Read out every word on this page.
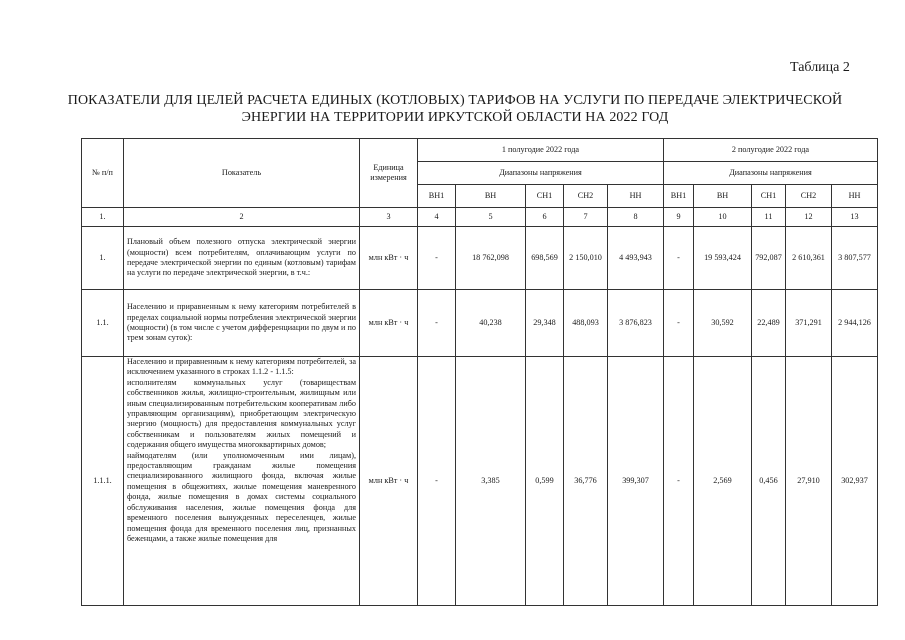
Таблица 2
ПОКАЗАТЕЛИ ДЛЯ ЦЕЛЕЙ РАСЧЕТА ЕДИНЫХ (КОТЛОВЫХ) ТАРИФОВ НА УСЛУГИ ПО ПЕРЕДАЧЕ ЭЛЕКТРИЧЕСКОЙ ЭНЕРГИИ НА ТЕРРИТОРИИ ИРКУТСКОЙ ОБЛАСТИ НА 2022 ГОД
№ п/п	Показатель	Единица измерения	1 полугодие 2022 года					2 полугодие 2022 года				
			Диапазоны напряжения					Диапазоны напряжения				
			ВН1	ВН	СН1	СН2	НН	ВН1	ВН	СН1	СН2	НН
1.	2	3	4	5	6	7	8	9	10	11	12	13
1.	Плановый объем полезного отпуска электрической энергии (мощности) всем потребителям, оплачивающим услуги по передаче электрической энергии по единым (котловым) тарифам на услуги по передаче электрической энергии, в т.ч.:	млн кВт · ч	-	18 762,098	698,569	2 150,010	4 493,943	-	19 593,424	792,087	2 610,361	3 807,577
1.1.	Населению и приравненным к нему категориям потребителей в пределах социальной нормы потребления электрической энергии (мощности) (в том числе с учетом дифференциации по двум и по трем зонам суток):	млн кВт · ч	-	40,238	29,348	488,093	3 876,823	-	30,592	22,489	371,291	2 944,126
1.1.1.	Населению и приравненным к нему категориям потребителей, за исключением указанного в строках 1.1.2 - 1.1.5:
исполнителям коммунальных услуг (товариществам собственников жилья, жилищно-строительным, жилищным или иным специализированным потребительским кооперативам либо управляющим организациям), приобретающим электрическую энергию (мощность) для предоставления коммунальных услуг собственникам и пользователям жилых помещений и содержания общего имущества многоквартирных домов;
наймодателям (или уполномоченным ими лицам), предоставляющим гражданам жилые помещения специализированного жилищного фонда, включая жилые помещения в общежитиях, жилые помещения маневренного фонда, жилые помещения в домах системы социального обслуживания населения, жилые помещения фонда для временного поселения вынужденных переселенцев, жилые помещения фонда для временного поселения лиц, признанных беженцами, а также жилые помещения для	млн кВт · ч	-	3,385	0,599	36,776	399,307	-	2,569	0,456	27,910	302,937
